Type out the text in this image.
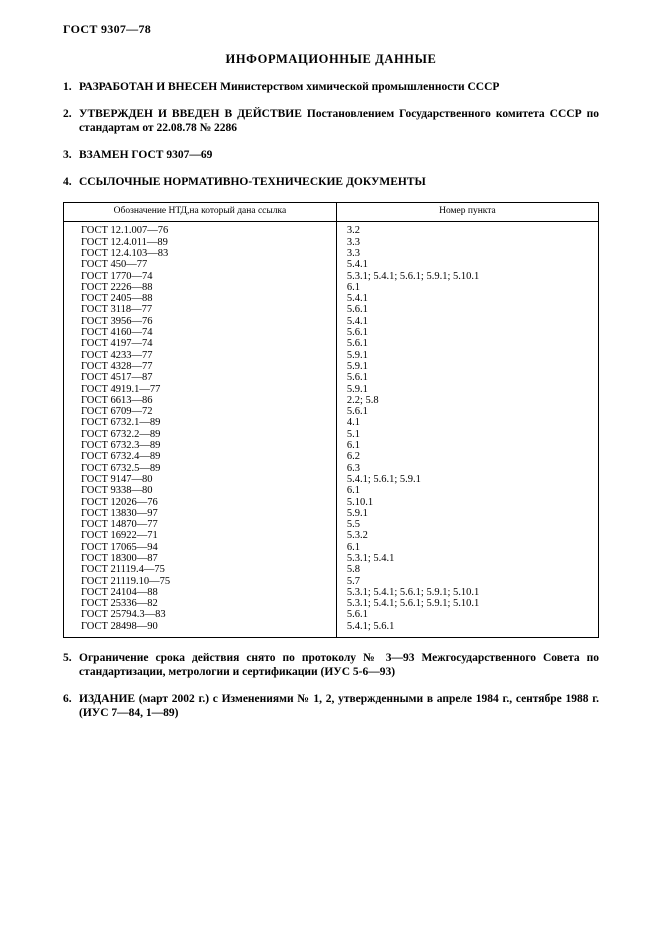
ГОСТ 9307—78
ИНФОРМАЦИОННЫЕ ДАННЫЕ
1. РАЗРАБОТАН И ВНЕСЕН Министерством химической промышленности СССР
2. УТВЕРЖДЕН И ВВЕДЕН В ДЕЙСТВИЕ Постановлением Государственного комитета СССР по стандартам от 22.08.78 № 2286
3. ВЗАМЕН ГОСТ 9307—69
4. ССЫЛОЧНЫЕ НОРМАТИВНО-ТЕХНИЧЕСКИЕ ДОКУМЕНТЫ
Обозначение НТД,на который дана ссылка	Номер пункта
ГОСТ 12.1.007—76	3.2
ГОСТ 12.4.011—89	3.3
ГОСТ 12.4.103—83	3.3
ГОСТ 450—77	5.4.1
ГОСТ 1770—74	5.3.1; 5.4.1; 5.6.1; 5.9.1; 5.10.1
ГОСТ 2226—88	6.1
ГОСТ 2405—88	5.4.1
ГОСТ 3118—77	5.6.1
ГОСТ 3956—76	5.4.1
ГОСТ 4160—74	5.6.1
ГОСТ 4197—74	5.6.1
ГОСТ 4233—77	5.9.1
ГОСТ 4328—77	5.9.1
ГОСТ 4517—87	5.6.1
ГОСТ 4919.1—77	5.9.1
ГОСТ 6613—86	2.2; 5.8
ГОСТ 6709—72	5.6.1
ГОСТ 6732.1—89	4.1
ГОСТ 6732.2—89	5.1
ГОСТ 6732.3—89	6.1
ГОСТ 6732.4—89	6.2
ГОСТ 6732.5—89	6.3
ГОСТ 9147—80	5.4.1; 5.6.1; 5.9.1
ГОСТ 9338—80	6.1
ГОСТ 12026—76	5.10.1
ГОСТ 13830—97	5.9.1
ГОСТ 14870—77	5.5
ГОСТ 16922—71	5.3.2
ГОСТ 17065—94	6.1
ГОСТ 18300—87	5.3.1; 5.4.1
ГОСТ 21119.4—75	5.8
ГОСТ 21119.10—75	5.7
ГОСТ 24104—88	5.3.1; 5.4.1; 5.6.1; 5.9.1; 5.10.1
ГОСТ 25336—82	5.3.1; 5.4.1; 5.6.1; 5.9.1; 5.10.1
ГОСТ 25794.3—83	5.6.1
ГОСТ 28498—90	5.4.1; 5.6.1
5. Ограничение срока действия снято по протоколу № 3—93 Межгосударственного Совета по стандартизации, метрологии и сертификации (ИУС 5-6—93)
6. ИЗДАНИЕ (март 2002 г.) с Изменениями № 1, 2, утвержденными в апреле 1984 г., сентябре 1988 г. (ИУС 7—84, 1—89)
